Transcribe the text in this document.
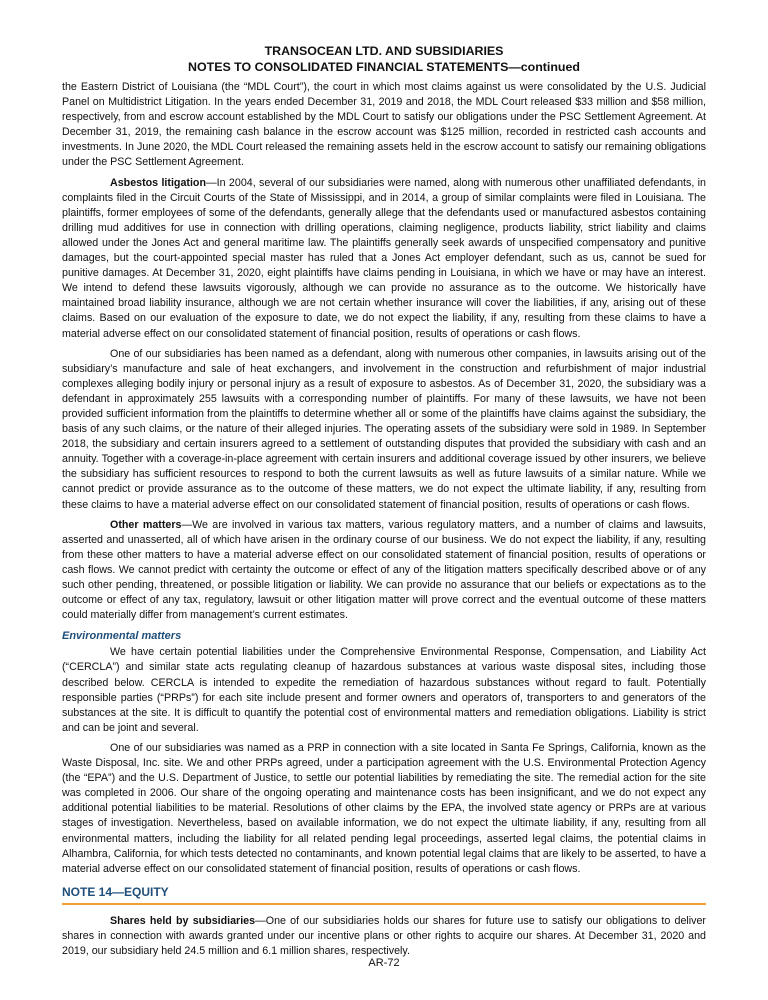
TRANSOCEAN LTD. AND SUBSIDIARIES
NOTES TO CONSOLIDATED FINANCIAL STATEMENTS—continued

the Eastern District of Louisiana (the “MDL Court”), the court in which most claims against us were consolidated by the U.S. Judicial Panel on Multidistrict Litigation. In the years ended December 31, 2019 and 2018, the MDL Court released $33 million and $58 million, respectively, from and escrow account established by the MDL Court to satisfy our obligations under the PSC Settlement Agreement. At December 31, 2019, the remaining cash balance in the escrow account was $125 million, recorded in restricted cash accounts and investments. In June 2020, the MDL Court released the remaining assets held in the escrow account to satisfy our remaining obligations under the PSC Settlement Agreement.

Asbestos litigation—In 2004, several of our subsidiaries were named, along with numerous other unaffiliated defendants, in complaints filed in the Circuit Courts of the State of Mississippi, and in 2014, a group of similar complaints were filed in Louisiana. The plaintiffs, former employees of some of the defendants, generally allege that the defendants used or manufactured asbestos containing drilling mud additives for use in connection with drilling operations, claiming negligence, products liability, strict liability and claims allowed under the Jones Act and general maritime law. The plaintiffs generally seek awards of unspecified compensatory and punitive damages, but the court-appointed special master has ruled that a Jones Act employer defendant, such as us, cannot be sued for punitive damages. At December 31, 2020, eight plaintiffs have claims pending in Louisiana, in which we have or may have an interest. We intend to defend these lawsuits vigorously, although we can provide no assurance as to the outcome. We historically have maintained broad liability insurance, although we are not certain whether insurance will cover the liabilities, if any, arising out of these claims. Based on our evaluation of the exposure to date, we do not expect the liability, if any, resulting from these claims to have a material adverse effect on our consolidated statement of financial position, results of operations or cash flows.

One of our subsidiaries has been named as a defendant, along with numerous other companies, in lawsuits arising out of the subsidiary’s manufacture and sale of heat exchangers, and involvement in the construction and refurbishment of major industrial complexes alleging bodily injury or personal injury as a result of exposure to asbestos. As of December 31, 2020, the subsidiary was a defendant in approximately 255 lawsuits with a corresponding number of plaintiffs. For many of these lawsuits, we have not been provided sufficient information from the plaintiffs to determine whether all or some of the plaintiffs have claims against the subsidiary, the basis of any such claims, or the nature of their alleged injuries. The operating assets of the subsidiary were sold in 1989. In September 2018, the subsidiary and certain insurers agreed to a settlement of outstanding disputes that provided the subsidiary with cash and an annuity. Together with a coverage-in-place agreement with certain insurers and additional coverage issued by other insurers, we believe the subsidiary has sufficient resources to respond to both the current lawsuits as well as future lawsuits of a similar nature. While we cannot predict or provide assurance as to the outcome of these matters, we do not expect the ultimate liability, if any, resulting from these claims to have a material adverse effect on our consolidated statement of financial position, results of operations or cash flows.

Other matters—We are involved in various tax matters, various regulatory matters, and a number of claims and lawsuits, asserted and unasserted, all of which have arisen in the ordinary course of our business. We do not expect the liability, if any, resulting from these other matters to have a material adverse effect on our consolidated statement of financial position, results of operations or cash flows. We cannot predict with certainty the outcome or effect of any of the litigation matters specifically described above or of any such other pending, threatened, or possible litigation or liability. We can provide no assurance that our beliefs or expectations as to the outcome or effect of any tax, regulatory, lawsuit or other litigation matter will prove correct and the eventual outcome of these matters could materially differ from management’s current estimates.

Environmental matters

We have certain potential liabilities under the Comprehensive Environmental Response, Compensation, and Liability Act (“CERCLA”) and similar state acts regulating cleanup of hazardous substances at various waste disposal sites, including those described below. CERCLA is intended to expedite the remediation of hazardous substances without regard to fault. Potentially responsible parties (“PRPs”) for each site include present and former owners and operators of, transporters to and generators of the substances at the site. It is difficult to quantify the potential cost of environmental matters and remediation obligations. Liability is strict and can be joint and several.

One of our subsidiaries was named as a PRP in connection with a site located in Santa Fe Springs, California, known as the Waste Disposal, Inc. site. We and other PRPs agreed, under a participation agreement with the U.S. Environmental Protection Agency (the “EPA”) and the U.S. Department of Justice, to settle our potential liabilities by remediating the site. The remedial action for the site was completed in 2006. Our share of the ongoing operating and maintenance costs has been insignificant, and we do not expect any additional potential liabilities to be material. Resolutions of other claims by the EPA, the involved state agency or PRPs are at various stages of investigation. Nevertheless, based on available information, we do not expect the ultimate liability, if any, resulting from all environmental matters, including the liability for all related pending legal proceedings, asserted legal claims, the potential claims in Alhambra, California, for which tests detected no contaminants, and known potential legal claims that are likely to be asserted, to have a material adverse effect on our consolidated statement of financial position, results of operations or cash flows.

NOTE 14—EQUITY

Shares held by subsidiaries—One of our subsidiaries holds our shares for future use to satisfy our obligations to deliver shares in connection with awards granted under our incentive plans or other rights to acquire our shares. At December 31, 2020 and 2019, our subsidiary held 24.5 million and 6.1 million shares, respectively.

AR-72
